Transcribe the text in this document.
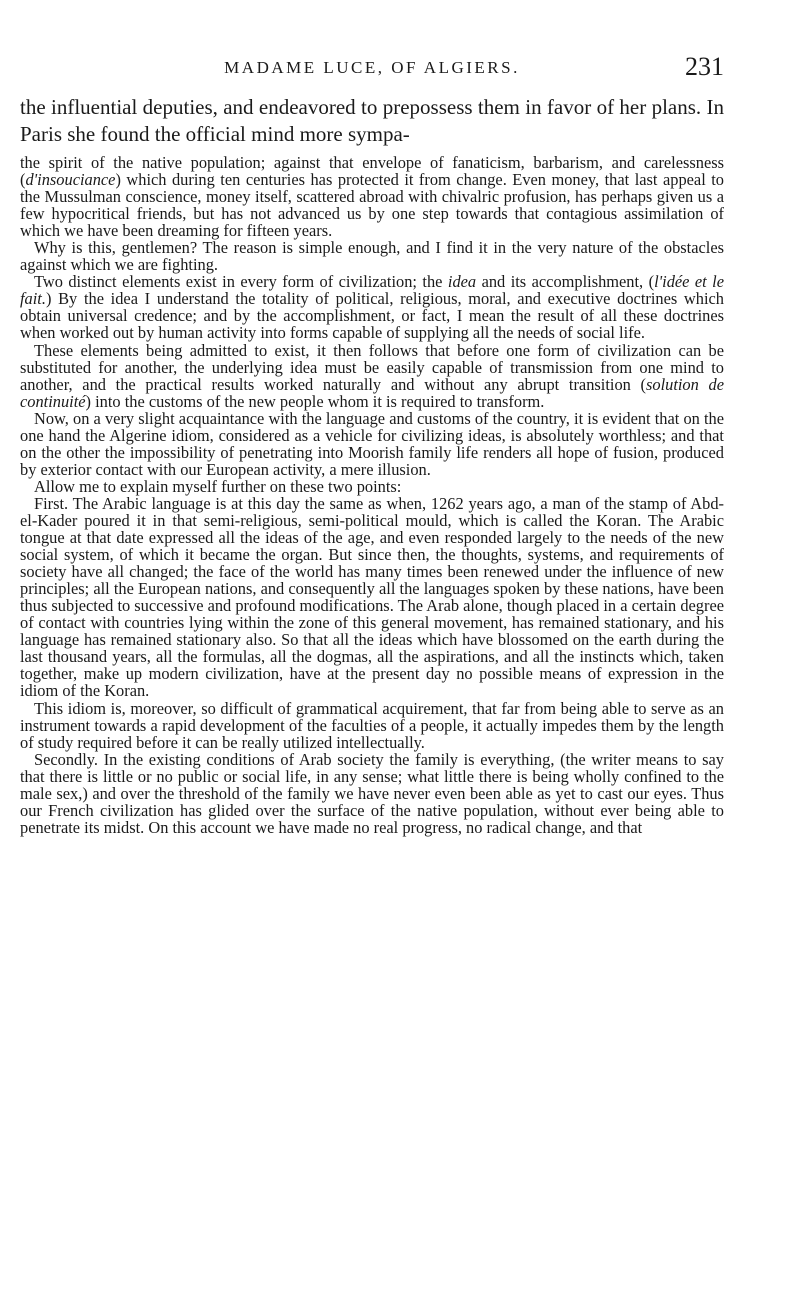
MADAME LUCE, OF ALGIERS.	231

the influential deputies, and endeavored to prepossess them in favor of her plans. In Paris she found the official mind more sympa-

the spirit of the native population; against that envelope of fanaticism, barbarism, and carelessness (d'insouciance) which during ten centuries has protected it from change. Even money, that last appeal to the Mussulman conscience, money itself, scattered abroad with chivalric profusion, has perhaps given us a few hypocritical friends, but has not advanced us by one step towards that contagious assimilation of which we have been dreaming for fifteen years.

Why is this, gentlemen? The reason is simple enough, and I find it in the very nature of the obstacles against which we are fighting.

Two distinct elements exist in every form of civilization; the idea and its accomplishment, (l'idée et le fait.) By the idea I understand the totality of political, religious, moral, and executive doctrines which obtain universal credence; and by the accomplishment, or fact, I mean the result of all these doctrines when worked out by human activity into forms capable of supplying all the needs of social life.

These elements being admitted to exist, it then follows that before one form of civilization can be substituted for another, the underlying idea must be easily capable of transmission from one mind to another, and the practical results worked naturally and without any abrupt transition (solution de continuité) into the customs of the new people whom it is required to transform.

Now, on a very slight acquaintance with the language and customs of the country, it is evident that on the one hand the Algerine idiom, considered as a vehicle for civilizing ideas, is absolutely worthless; and that on the other the impossibility of penetrating into Moorish family life renders all hope of fusion, produced by exterior contact with our European activity, a mere illusion.

Allow me to explain myself further on these two points:

First. The Arabic language is at this day the same as when, 1262 years ago, a man of the stamp of Abd-el-Kader poured it in that semi-religious, semi-political mould, which is called the Koran. The Arabic tongue at that date expressed all the ideas of the age, and even responded largely to the needs of the new social system, of which it became the organ. But since then, the thoughts, systems, and requirements of society have all changed; the face of the world has many times been renewed under the influence of new principles; all the European nations, and consequently all the languages spoken by these nations, have been thus subjected to successive and profound modifications. The Arab alone, though placed in a certain degree of contact with countries lying within the zone of this general movement, has remained stationary, and his language has remained stationary also. So that all the ideas which have blossomed on the earth during the last thousand years, all the formulas, all the dogmas, all the aspirations, and all the instincts which, taken together, make up modern civilization, have at the present day no possible means of expression in the idiom of the Koran.

This idiom is, moreover, so difficult of grammatical acquirement, that far from being able to serve as an instrument towards a rapid development of the faculties of a people, it actually impedes them by the length of study required before it can be really utilized intellectually.

Secondly. In the existing conditions of Arab society the family is everything, (the writer means to say that there is little or no public or social life, in any sense; what little there is being wholly confined to the male sex,) and over the threshold of the family we have never even been able as yet to cast our eyes. Thus our French civilization has glided over the surface of the native population, without ever being able to penetrate its midst. On this account we have made no real progress, no radical change, and that
